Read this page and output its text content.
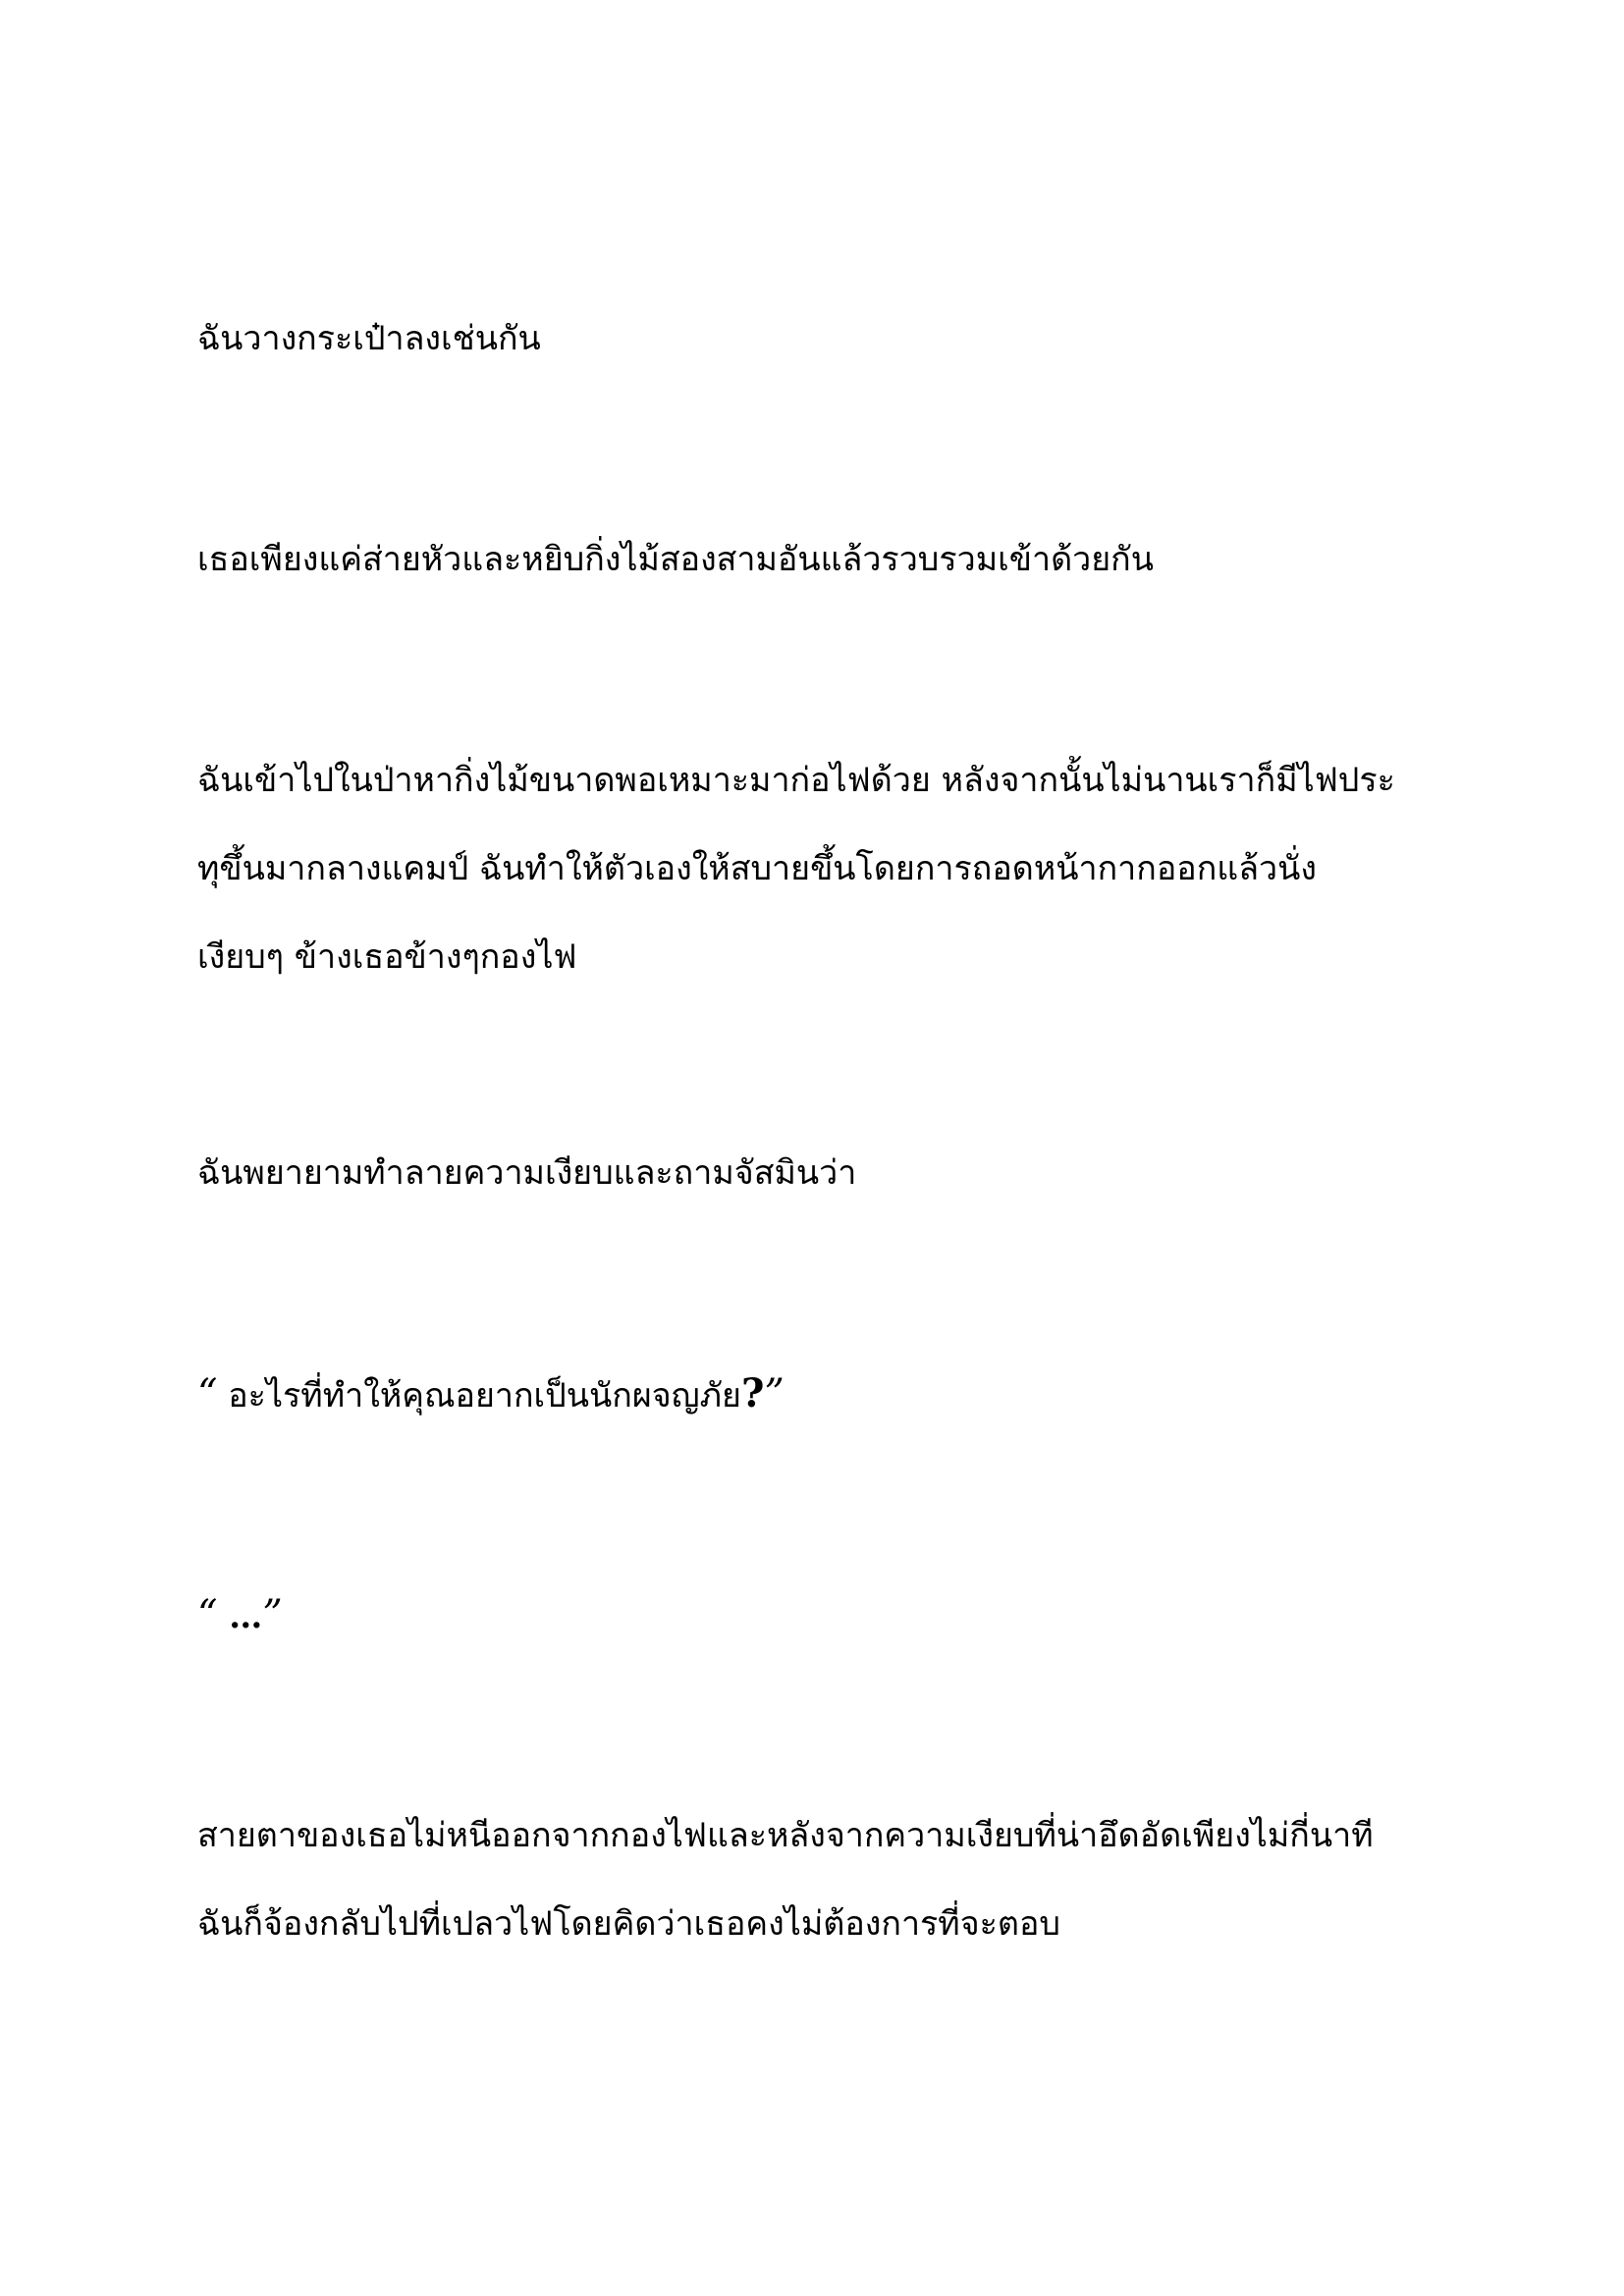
ฉันวางกระเป๋าลงเช่นกัน

เธอเพียงแค่ส่ายหัวและหยิบกิ่งไม้สองสามอันแล้วรวบรวมเข้าด้วยกัน

ฉันเข้าไปในป่าหากิ่งไม้ขนาดพอเหมาะมาก่อไฟด้วย หลังจากนั้นไม่นานเราก็มีไฟประ
ทุขึ้นมากลางแคมป์ ฉันทำให้ตัวเองให้สบายขึ้นโดยการถอดหน้ากากออกแล้วนั่ง
เงียบๆ ข้างเธอข้างๆกองไฟ

ฉันพยายามทำลายความเงียบและถามจัสมินว่า

“ อะไรที่ทำให้คุณอยากเป็นนักผจญภัย?”

“ …”

สายตาของเธอไม่หนีออกจากกองไฟและหลังจากความเงียบที่น่าอึดอัดเพียงไม่กี่นาที
ฉันก็จ้องกลับไปที่เปลวไฟโดยคิดว่าเธอคงไม่ต้องการที่จะตอบ
